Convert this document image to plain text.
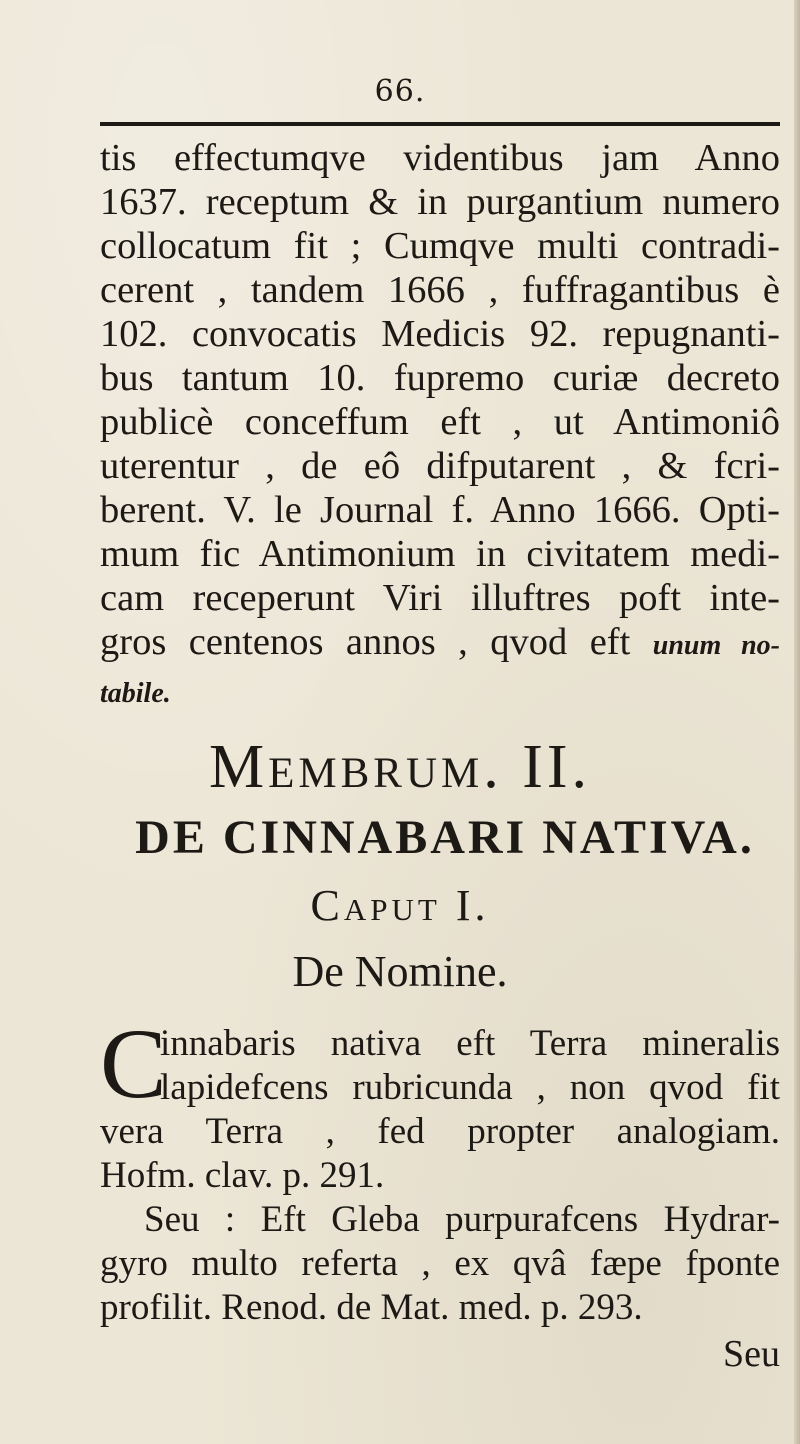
66.
tis effectumqve videntibus jam Anno
1637. receptum & in purgantium numero
collocatum fit ; Cumqve multi contradi-
cerent , tandem 1666 , fuffragantibus è
102. convocatis Medicis 92. repugnanti-
bus tantum 10. fupremo curiæ decreto
publicè conceffum eft , ut Antimoniô
uterentur , de eô difputarent , & fcri-
berent. V. le Journal f. Anno 1666. Opti-
mum fic Antimonium in civitatem medi-
cam receperunt Viri illuftres poft inte-
gros centenos annos , qvod eft unum no-
tabile.
Membrum. II.
DE CINNABARI NATIVA.
Caput I.
De Nomine.
C
innabaris nativa eft Terra mineralis
lapidefcens rubricunda , non qvod fit
vera Terra , fed propter analogiam.
Hofm. clav. p. 291.
Seu : Eft Gleba purpurafcens Hydrar-
gyro multo referta , ex qvâ fæpe fponte
profilit. Renod. de Mat. med. p. 293.
Seu
